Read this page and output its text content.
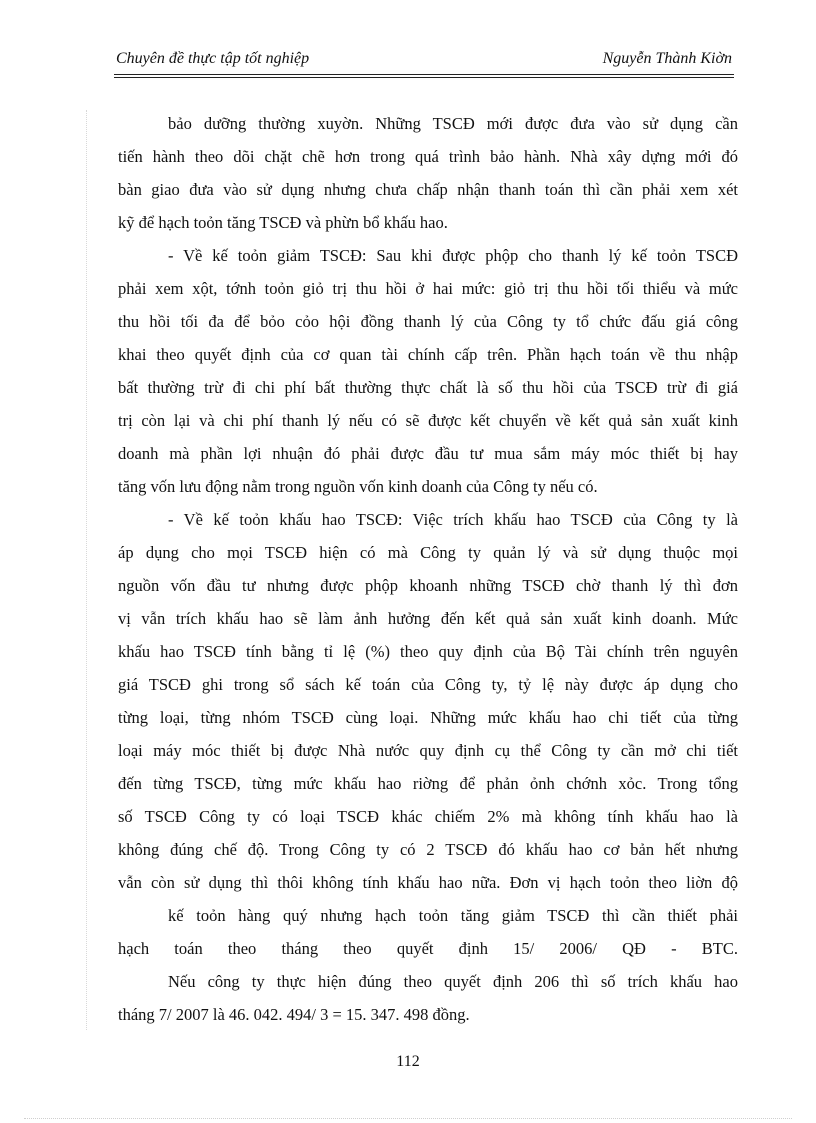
Chuyên đề thực tập tốt nghiệp	Nguyễn Thành Kiờn
bảo dưỡng thường xuyờn. Những TSCĐ mới được đưa vào sử dụng cần
tiến hành theo dõi chặt chẽ hơn trong quá trình bảo hành. Nhà xây dựng mới đó
bàn giao đưa vào sử dụng nhưng chưa chấp nhận thanh toán thì cần phải xem xét
kỹ để hạch toỏn tăng TSCĐ và phừn bổ khấu hao.
- Về kế toỏn giảm TSCĐ: Sau khi được phộp cho thanh lý kế toỏn TSCĐ
phải xem xột, tớnh toỏn giỏ trị thu hồi ở hai mức: giỏ trị thu hồi tối thiểu và mức
thu hồi tối đa để bỏo cỏo hội đồng thanh lý của Công ty tổ chức đấu giá công
khai theo quyết định của cơ quan tài chính cấp trên. Phần hạch toán về thu nhập
bất thường trừ đi chi phí bất thường thực chất là số thu hồi của TSCĐ trừ đi giá
trị còn lại và chi phí thanh lý nếu có sẽ được kết chuyển về kết quả sản xuất kinh
doanh mà phần lợi nhuận đó phải được đầu tư mua sắm máy móc thiết bị hay
tăng vốn lưu động nằm trong nguồn vốn kinh doanh của Công ty nếu có.
- Về kế toỏn khấu hao TSCĐ: Việc trích khấu hao TSCĐ của Công ty là
áp dụng cho mọi TSCĐ hiện có mà Công ty quản lý và sử dụng thuộc mọi
nguồn vốn đầu tư nhưng được phộp khoanh những TSCĐ chờ thanh lý thì đơn
vị vẫn trích khấu hao sẽ làm ảnh hưởng đến kết quả sản xuất kinh doanh. Mức
khấu hao TSCĐ tính bằng tỉ lệ (%) theo quy định của Bộ Tài chính trên nguyên
giá TSCĐ ghi trong sổ sách kế toán của Công ty, tỷ lệ này được áp dụng cho
từng loại, từng nhóm TSCĐ cùng loại. Những mức khấu hao chi tiết của từng
loại máy móc thiết bị được Nhà nước quy định cụ thể Công ty cần mở chi tiết
đến từng TSCĐ, từng mức khấu hao riờng để phản ỏnh chớnh xỏc. Trong tổng
số TSCĐ Công ty có loại TSCĐ khác chiếm 2% mà không tính khấu hao là
không đúng chế độ. Trong Công ty có 2 TSCĐ đó khấu hao cơ bản hết nhưng
vẫn còn sử dụng thì thôi không tính khấu hao nữa. Đơn vị hạch toỏn theo liờn độ
kế toỏn hàng quý nhưng hạch toỏn tăng giảm TSCĐ thì cần thiết phải
hạch toán theo tháng theo quyết định 15/ 2006/ QĐ - BTC.
Nếu công ty thực hiện đúng theo quyết định 206 thì số trích khấu hao
tháng 7/ 2007 là 46. 042. 494/ 3 = 15. 347. 498 đồng.
112
